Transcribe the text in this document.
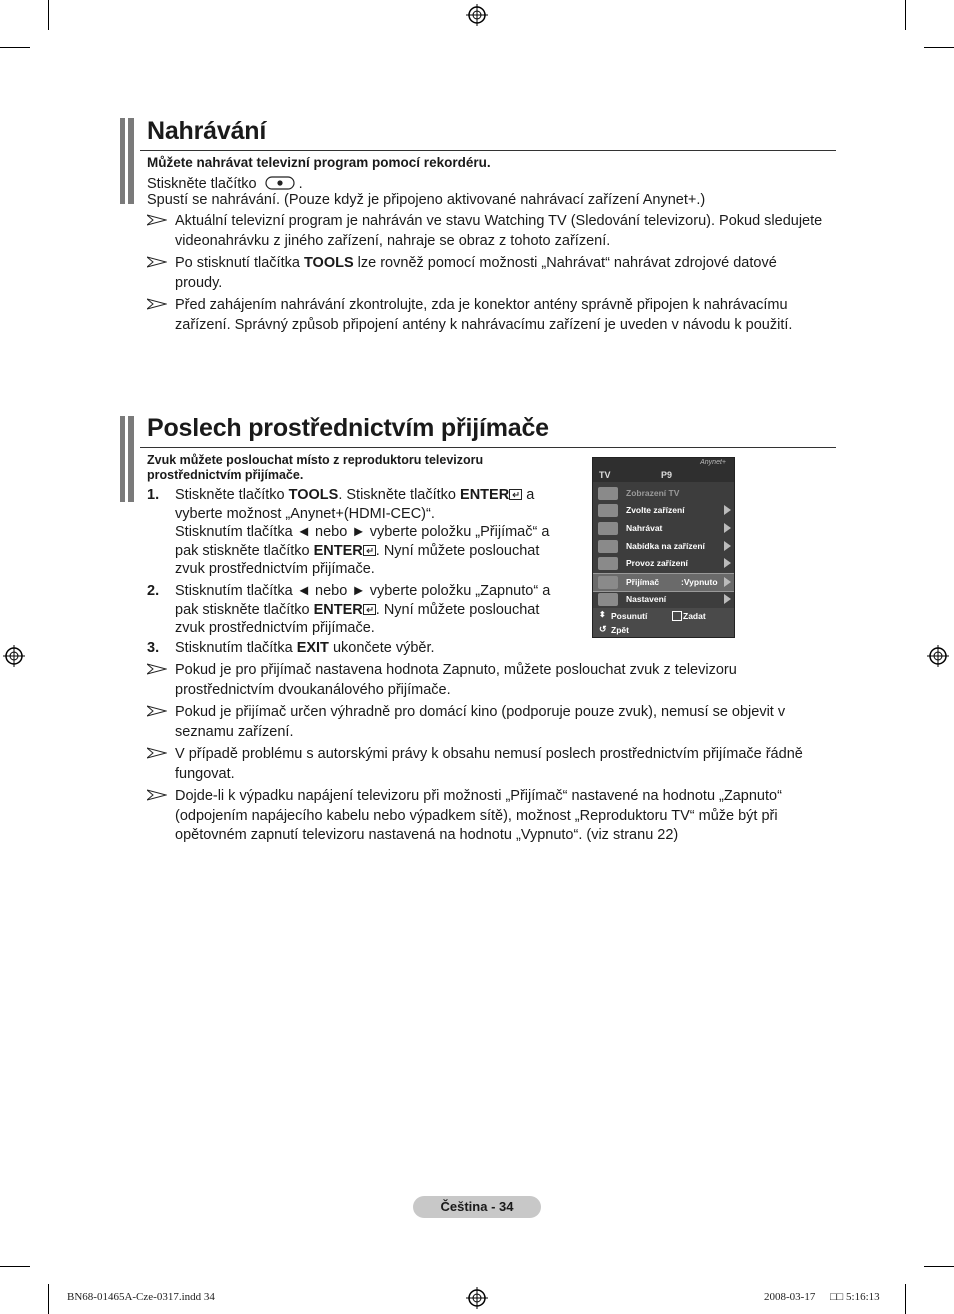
Nahrávání
Můžete nahrávat televizní program pomocí rekordéru.
Stiskněte tlačítko	.
Spustí se nahrávání. (Pouze když je připojeno aktivované nahrávací zařízení Anynet+.)
Aktuální televizní program je nahráván ve stavu Watching TV (Sledování televizoru). Pokud sledujete
videonahrávku z jiného zařízení, nahraje se obraz z tohoto zařízení.
Po stisknutí tlačítka TOOLS lze rovněž pomocí možnosti „Nahrávat“ nahrávat zdrojové datové
proudy.
Před zahájením nahrávání zkontrolujte, zda je konektor antény správně připojen k nahrávacímu
zařízení. Správný způsob připojení antény k nahrávacímu zařízení je uveden v návodu k použití.
Poslech prostřednictvím přijímače
Zvuk můžete poslouchat místo z reproduktoru televizoru
prostřednictvím přijímače.
1. Stiskněte tlačítko TOOLS. Stiskněte tlačítko ENTER a
vyberte možnost „Anynet+(HDMI-CEC)“.
Stisknutím tlačítka ◄ nebo ► vyberte položku „Přijímač“ a
pak stiskněte tlačítko ENTER . Nyní můžete poslouchat
zvuk prostřednictvím přijímače.
2. Stisknutím tlačítka ◄ nebo ► vyberte položku „Zapnuto“ a
pak stiskněte tlačítko ENTER . Nyní můžete poslouchat
zvuk prostřednictvím přijímače.
3. Stisknutím tlačítka EXIT ukončete výběr.
Pokud je pro přijímač nastavena hodnota Zapnuto, můžete poslouchat zvuk z televizoru
prostřednictvím dvoukanálového přijímače.
Pokud je přijímač určen výhradně pro domácí kino (podporuje pouze zvuk), nemusí se objevit v
seznamu zařízení.
V případě problému s autorskými právy k obsahu nemusí poslech prostřednictvím přijímače řádně
fungovat.
Dojde-li k výpadku napájení televizoru při možnosti „Přijímač“ nastavené na hodnotu „Zapnuto“
(odpojením napájecího kabelu nebo výpadkem sítě), možnost „Reproduktoru TV“ může být při
opětovném zapnutí televizoru nastavená na hodnotu „Vypnuto“. (viz stranu 22)
TV	P9
Anynet+
Zobrazení TV
Zvolte zařízení
Nahrávat
Nabídka na zařízení
Provoz zařízení
Přijímač	:Vypnuto
Nastavení
⬍ Posunutí	Zadat
↺ Zpět
Čeština - 34
BN68-01465A-Cze-0317.indd 34	2008-03-17 □□ 5:16:13
